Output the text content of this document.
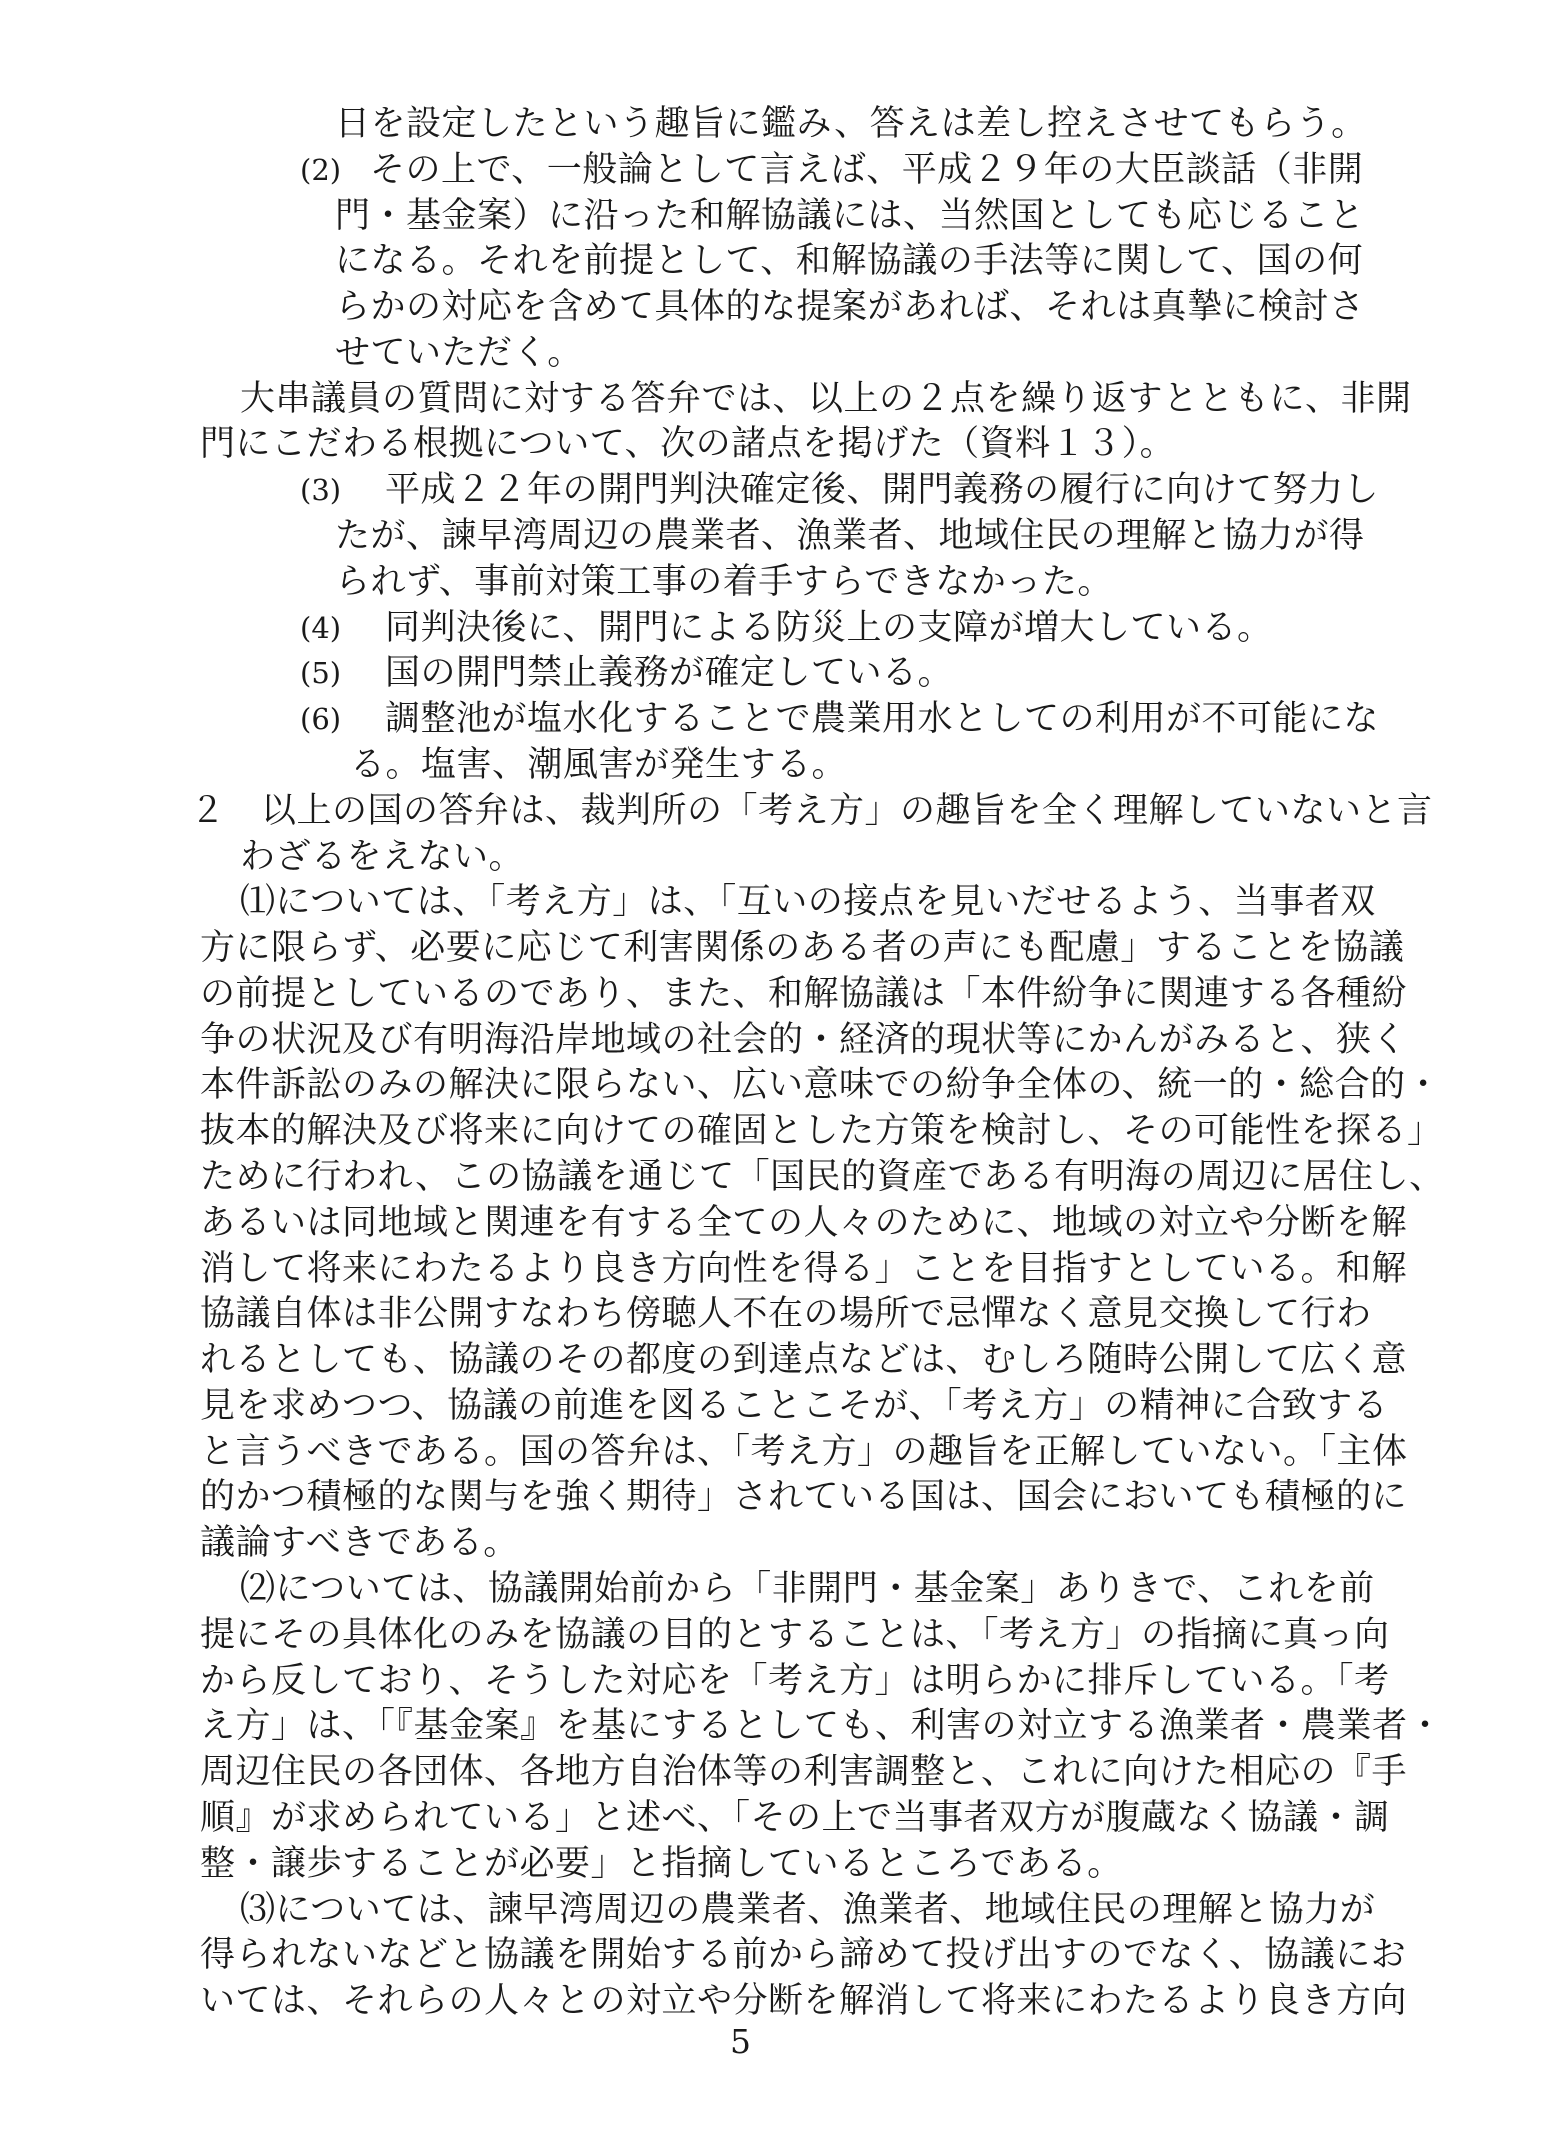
日を設定したという趣旨に鑑み、答えは差し控えさせてもらう。
(2) その上で、一般論として言えば、平成２９年の大臣談話（非開
門・基金案）に沿った和解協議には、当然国としても応じること
になる。それを前提として、和解協議の手法等に関して、国の何
らかの対応を含めて具体的な提案があれば、それは真摯に検討さ
せていただく。
大串議員の質問に対する答弁では、以上の２点を繰り返すとともに、非開
門にこだわる根拠について、次の諸点を掲げた（資料１３）。
(3) 平成２２年の開門判決確定後、開門義務の履行に向けて努力し
たが、諫早湾周辺の農業者、漁業者、地域住民の理解と協力が得
られず、事前対策工事の着手すらできなかった。
(4) 同判決後に、開門による防災上の支障が増大している。
(5) 国の開門禁止義務が確定している。
(6) 調整池が塩水化することで農業用水としての利用が不可能にな
る。塩害、潮風害が発生する。
２　以上の国の答弁は、裁判所の「考え方」の趣旨を全く理解していないと言
わざるをえない。
⑴については、「考え方」は、「互いの接点を見いだせるよう、当事者双
方に限らず、必要に応じて利害関係のある者の声にも配慮」することを協議
の前提としているのであり、また、和解協議は「本件紛争に関連する各種紛
争の状況及び有明海沿岸地域の社会的・経済的現状等にかんがみると、狭く
本件訴訟のみの解決に限らない、広い意味での紛争全体の、統一的・総合的・
抜本的解決及び将来に向けての確固とした方策を検討し、その可能性を探る」
ために行われ、この協議を通じて「国民的資産である有明海の周辺に居住し、
あるいは同地域と関連を有する全ての人々のために、地域の対立や分断を解
消して将来にわたるより良き方向性を得る」ことを目指すとしている。和解
協議自体は非公開すなわち傍聴人不在の場所で忌憚なく意見交換して行わ
れるとしても、協議のその都度の到達点などは、むしろ随時公開して広く意
見を求めつつ、協議の前進を図ることこそが、「考え方」の精神に合致する
と言うべきである。国の答弁は、「考え方」の趣旨を正解していない。「主体
的かつ積極的な関与を強く期待」されている国は、国会においても積極的に
議論すべきである。
⑵については、協議開始前から「非開門・基金案」ありきで、これを前
提にその具体化のみを協議の目的とすることは、「考え方」の指摘に真っ向
から反しており、そうした対応を「考え方」は明らかに排斥している。「考
え方」は、「『基金案』を基にするとしても、利害の対立する漁業者・農業者・
周辺住民の各団体、各地方自治体等の利害調整と、これに向けた相応の『手
順』が求められている」と述べ、「その上で当事者双方が腹蔵なく協議・調
整・譲歩することが必要」と指摘しているところである。
5
⑶については、諫早湾周辺の農業者、漁業者、地域住民の理解と協力が
得られないなどと協議を開始する前から諦めて投げ出すのでなく、協議にお
いては、それらの人々との対立や分断を解消して将来にわたるより良き方向
